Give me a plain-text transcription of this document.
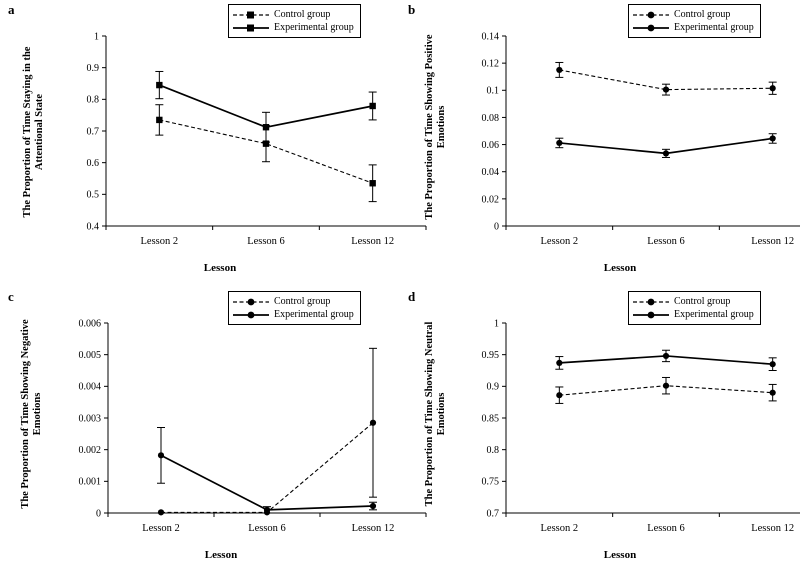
a
The Proportion of Time Staying in the Attentional State
0.4
0.5
0.6
0.7
0.8
0.9
1
Lesson 2	Lesson 6	Lesson 12
Lesson
Control group
Experimental group
b
The Proportion of Time Showing Positive Emotions
0
0.02
0.04
0.06
0.08
0.1
0.12
0.14
Lesson 2	Lesson 6	Lesson 12
Lesson
Control group
Experimental group
c
The Proportion of Time Showing Negative Emotions
0
0.001
0.002
0.003
0.004
0.005
0.006
Lesson 2	Lesson 6	Lesson 12
Lesson
Control group
Experimental group
d
The Proportion of Time Showing Neutral Emotions
0.7
0.75
0.8
0.85
0.9
0.95
1
Lesson 2	Lesson 6	Lesson 12
Lesson
Control group
Experimental group
